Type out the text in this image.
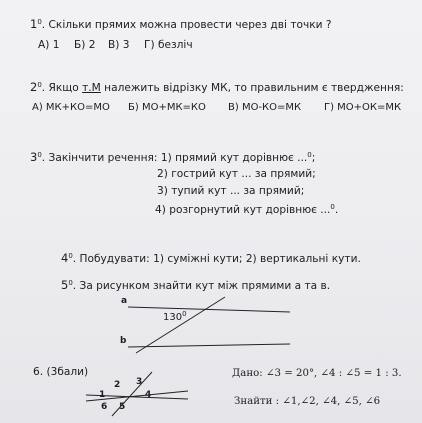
$1^0$. Скільки прямих можна провести через дві точки ?
А) 1 Б) 2 В) 3 Г) безліч
$2^0$. Якщо т.М належить відрізку МК, то правильним є твердження:
А) МК+КО=МО Б) МО+МК=КО В) МО-КО=МК Г) МО+ОК=МК
$3^0$. Закінчити речення: 1) прямий кут дорівнює ...$^0$;
2) гострий кут ... за прямий;
3) тупий кут ... за прямий;
4) розгорнутий кут дорівнює ...$^0$.
$4^0$. Побудувати: 1) суміжні кути; 2) вертикальні кути.
$5^0$. За рисунком знайти кут між прямими а та в.
a
b
$130^0$
6. (3бали)	Дано: ∠3 = 20°, ∠4 : ∠5 = 1 : 3.
Знайти : ∠1,∠2, ∠4, ∠5, ∠6
2 3
1	4
6 5
